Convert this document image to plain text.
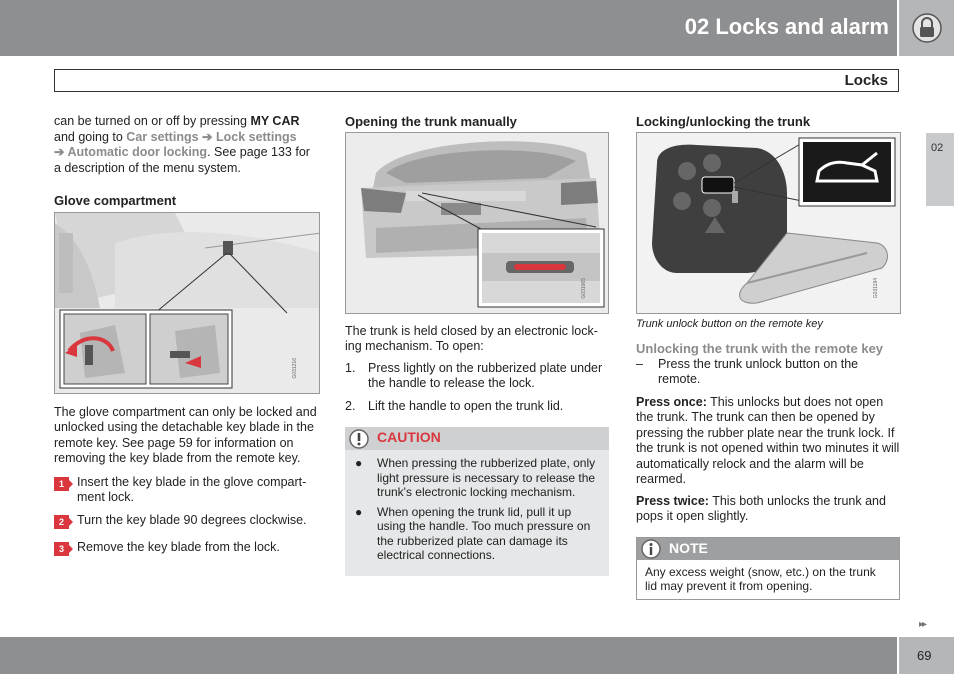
02 Locks and alarm
Locks
02
can be turned on or off by pressing MY CAR and going to Car settings ➔ Lock settings
➔ Automatic door locking. See page 133 for a description of the menu system.
Glove compartment
G031216
The glove compartment can only be locked and unlocked using the detachable key blade in the remote key. See page 59 for information on removing the key blade from the remote key.
1	Insert the key blade in the glove compart-ment lock.
2	Turn the key blade 90 degrees clockwise.
3	Remove the key blade from the lock.
Opening the trunk manually
G031065
The trunk is held closed by an electronic lock-ing mechanism. To open:
1. Press lightly on the rubberized plate under the handle to release the lock.
2. Lift the handle to open the trunk lid.
CAUTION
● When pressing the rubberized plate, only light pressure is necessary to release the trunk's electronic locking mechanism.
● When opening the trunk lid, pull it up using the handle. Too much pressure on the rubberized plate can damage its electrical connections.
Locking/unlocking the trunk
G031194
Trunk unlock button on the remote key
Unlocking the trunk with the remote key
– Press the trunk unlock button on the remote.
Press once: This unlocks but does not open the trunk. The trunk can then be opened by pressing the rubber plate near the trunk lock. If the trunk is not opened within two minutes it will automatically relock and the alarm will be rearmed.
Press twice: This both unlocks the trunk and pops it open slightly.
NOTE
Any excess weight (snow, etc.) on the trunk lid may prevent it from opening.
▸▸
69
